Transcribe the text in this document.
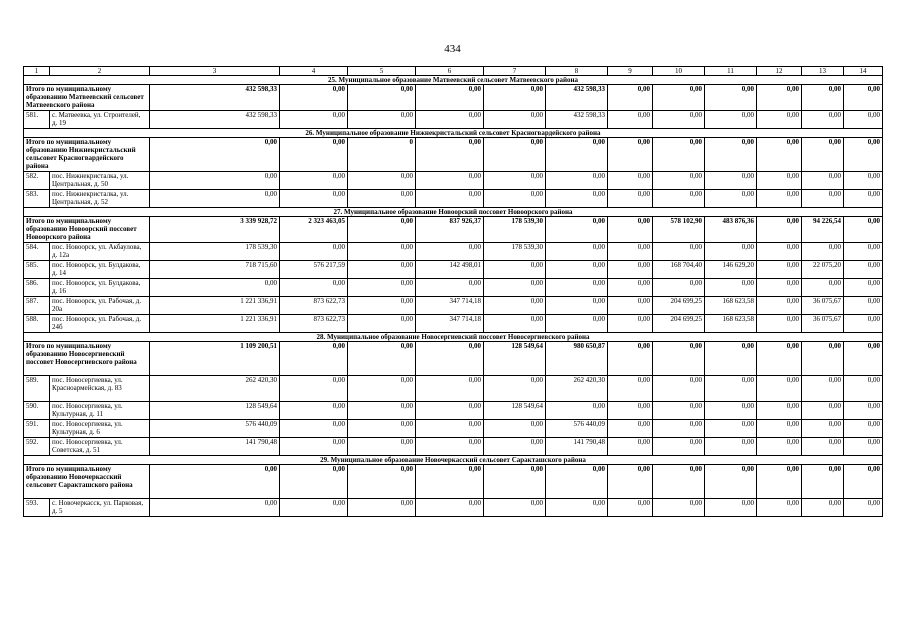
434
1	2	3	4	5	6	7	8	9	10	11	12	13	14
25. Муниципальное образование Матвеевский сельсовет Матвеевского района													
Итого по муниципальному образованию Матвеевский сельсовет Матвеевского района		432 598,33	0,00	0,00	0,00	0,00	432 598,33	0,00	0,00	0,00	0,00	0,00	0,00
581.	с. Матвеевка, ул. Строителей, д. 19	432 598,33	0,00	0,00	0,00	0,00	432 598,33	0,00	0,00	0,00	0,00	0,00	0,00
26. Муниципальное образование Нижнекристальский сельсовет Красногвардейского района													
Итого по муниципальному образованию Нижнекристальский сельсовет Красногвардейского района		0,00	0,00	0	0,00	0,00	0,00	0,00	0,00	0,00	0,00	0,00	0,00
582.	пос. Нижнекристалка, ул. Центральная, д. 50	0,00	0,00	0,00	0,00	0,00	0,00	0,00	0,00	0,00	0,00	0,00	0,00
583.	пос. Нижнекристалка, ул. Центральная, д. 52	0,00	0,00	0,00	0,00	0,00	0,00	0,00	0,00	0,00	0,00	0,00	0,00
27. Муниципальное образование Новоорский поссовет Новоорского района													
Итого по муниципальному образованию Новоорский поссовет Новоорского района		3 339 928,72	2 323 463,05	0,00	837 926,37	178 539,30	0,00	0,00	578 102,90	483 876,36	0,00	94 226,54	0,00
584.	пос. Новоорск, ул. Акбаулова, д. 12а	178 539,30	0,00	0,00	0,00	178 539,30	0,00	0,00	0,00	0,00	0,00	0,00	0,00
585.	пос. Новоорск, ул. Булдакова, д. 14	718 715,60	576 217,59	0,00	142 498,01	0,00	0,00	0,00	168 704,40	146 629,20	0,00	22 075,20	0,00
586.	пос. Новоорск, ул. Булдакова, д. 16	0,00	0,00	0,00	0,00	0,00	0,00	0,00	0,00	0,00	0,00	0,00	0,00
587.	пос. Новоорск, ул. Рабочая, д. 20а	1 221 336,91	873 622,73	0,00	347 714,18	0,00	0,00	0,00	204 699,25	168 623,58	0,00	36 075,67	0,00
588.	пос. Новоорск, ул. Рабочая, д. 24б	1 221 336,91	873 622,73	0,00	347 714,18	0,00	0,00	0,00	204 699,25	168 623,58	0,00	36 075,67	0,00
28. Муниципальное образование Новосергиевский поссовет Новосергиевского района													
Итого по муниципальному образованию Новосергиевский поссовет Новосергиевского района		1 109 200,51	0,00	0,00	0,00	128 549,64	980 650,87	0,00	0,00	0,00	0,00	0,00	0,00
589.	пос. Новосергиевка, ул. Красноармейская, д. 83	262 420,30	0,00	0,00	0,00	0,00	262 420,30	0,00	0,00	0,00	0,00	0,00	0,00
590.	пос. Новосергиевка, ул. Культурная, д. 11	128 549,64	0,00	0,00	0,00	128 549,64	0,00	0,00	0,00	0,00	0,00	0,00	0,00
591.	пос. Новосергиевка, ул. Культурная, д. 6	576 440,09	0,00	0,00	0,00	0,00	576 440,09	0,00	0,00	0,00	0,00	0,00	0,00
592.	пос. Новосергиевка, ул. Советская, д. 51	141 790,48	0,00	0,00	0,00	0,00	141 790,48	0,00	0,00	0,00	0,00	0,00	0,00
29. Муниципальное образование Новочеркасский сельсовет Саракташского района													
Итого по муниципальному образованию Новочеркасский сельсовет Саракташского района		0,00	0,00	0,00	0,00	0,00	0,00	0,00	0,00	0,00	0,00	0,00	0,00
593.	с. Новочеркасск, ул. Парковая, д. 5	0,00	0,00	0,00	0,00	0,00	0,00	0,00	0,00	0,00	0,00	0,00	0,00
